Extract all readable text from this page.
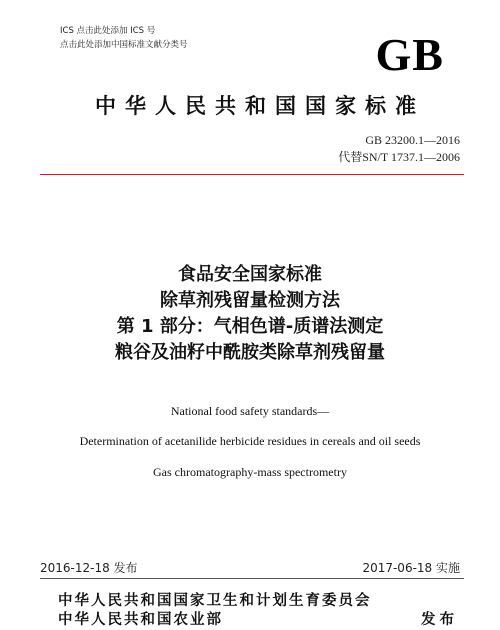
ICS 点击此处添加 ICS 号
点击此处添加中国标准文献分类号	GB
中华人民共和国国家标准
GB 23200.1—2016
代替SN/T 1737.1—2006
食品安全国家标准
除草剂残留量检测方法
第 1 部分：气相色谱-质谱法测定
粮谷及油籽中酰胺类除草剂残留量
National food safety standards—
Determination of acetanilide herbicide residues in cereals and oil seeds
Gas chromatography-mass spectrometry
2016-12-18 发布	2017-06-18 实施
中华人民共和国国家卫生和计划生育委员会
中华人民共和国农业部	发布
